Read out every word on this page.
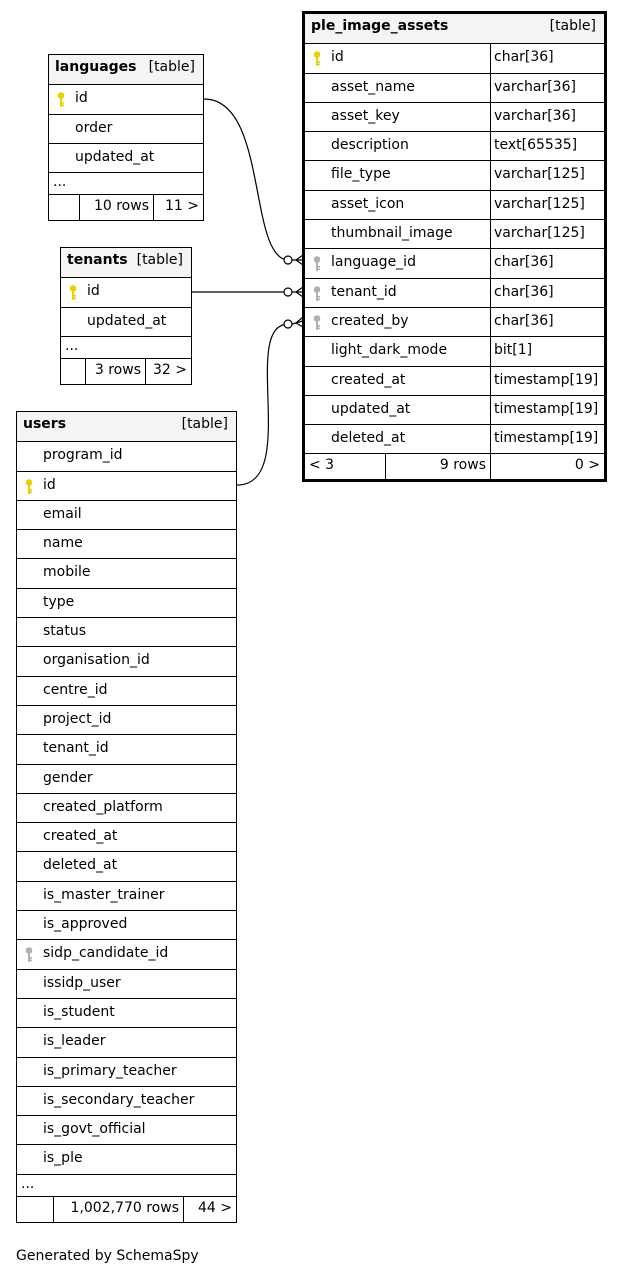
languages [table]
id
order
updated_at
...
10 rows 11 >
tenants [table]
id
updated_at
...
3 rows 32 >
users	[table]
program_id
id
email
name
mobile
type
status
organisation_id
centre_id
project_id
tenant_id
gender
created_platform
created_at
deleted_at
is_master_trainer
is_approved
sidp_candidate_id
issidp_user
is_student
is_leader
is_primary_teacher
is_secondary_teacher
is_govt_official
is_ple
...
1,002,770 rows 44 >
ple_image_assets	[table]
id	char[36]
asset_name	varchar[36]
asset_key	varchar[36]
description	text[65535]
file_type	varchar[125]
asset_icon	varchar[125]
thumbnail_image	varchar[125]
language_id	char[36]
tenant_id	char[36]
created_by	char[36]
light_dark_mode	bit[1]
created_at	timestamp[19]
updated_at	timestamp[19]
deleted_at	timestamp[19]
< 3	9 rows	0 >
Generated by SchemaSpy
